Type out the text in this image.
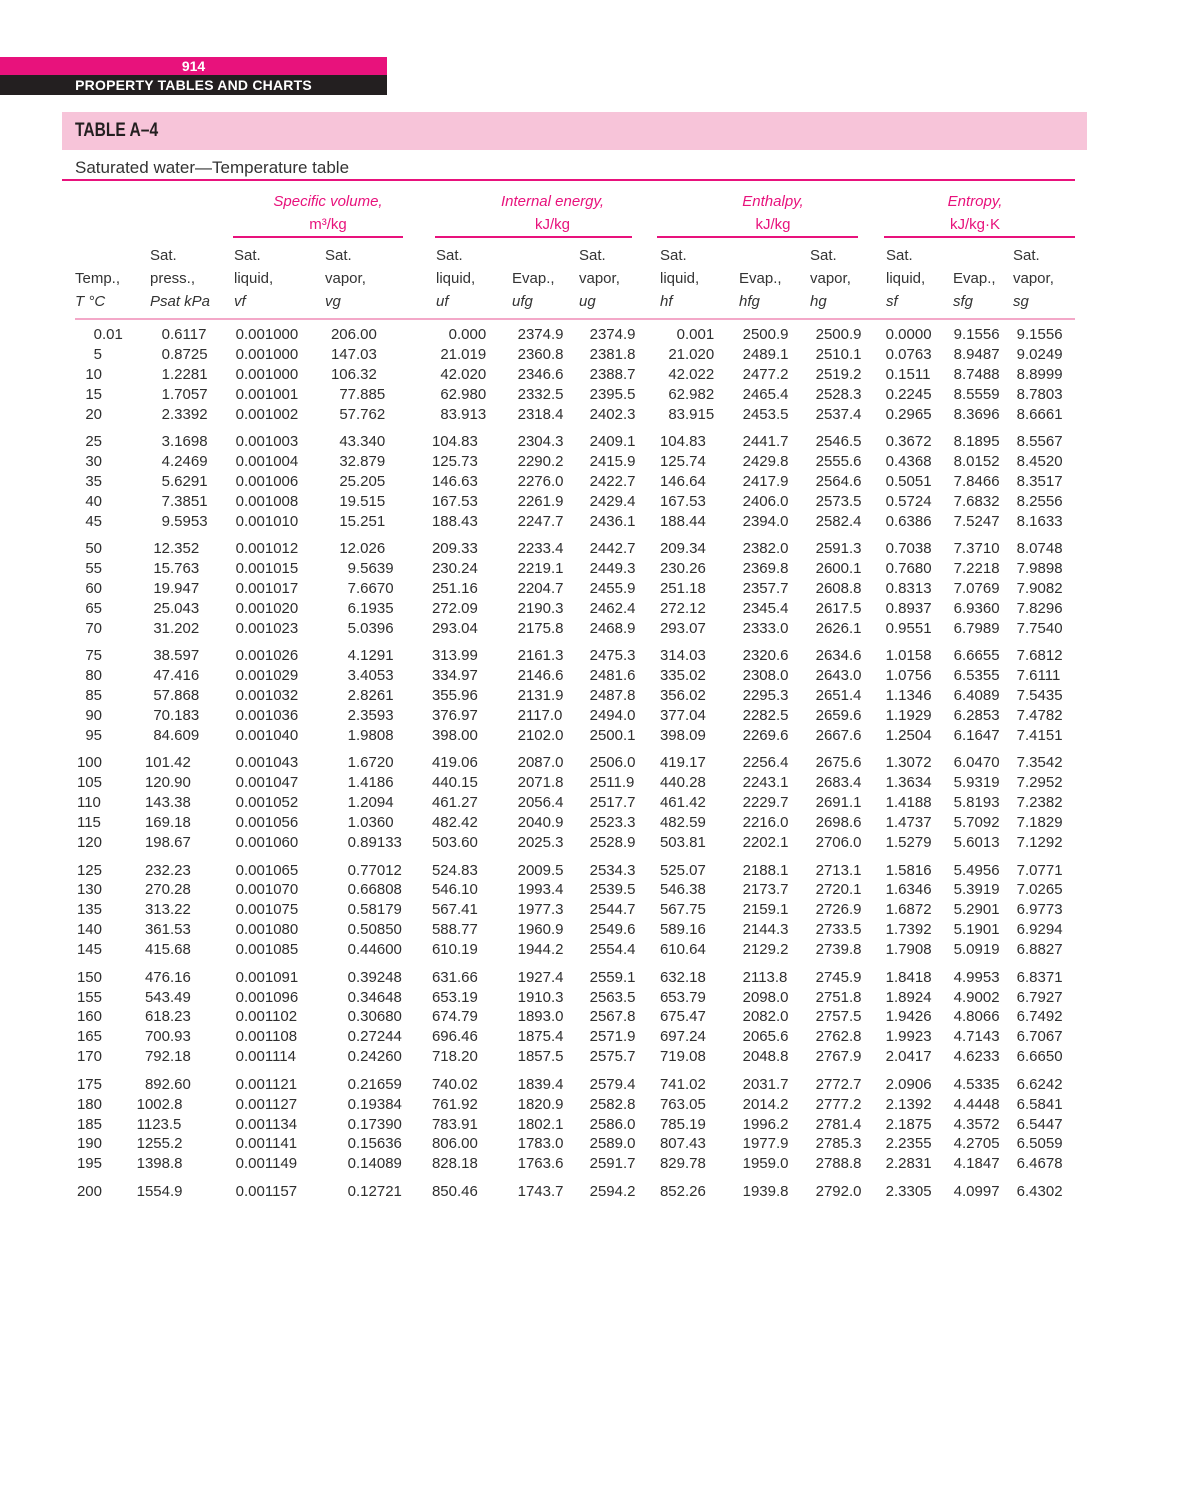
914
PROPERTY TABLES AND CHARTS
TABLE A–4
Saturated water—Temperature table
Specific volume,
m³/kg
Internal energy,
kJ/kg
Enthalpy,
kJ/kg
Entropy,
kJ/kg·K
Temp.,
T °C
Sat.
press.,
Psat kPa
Sat.
liquid,
vf
Sat.
vapor,
vg
Sat.
liquid,
uf
Evap.,
ufg
Sat.
vapor,
ug
Sat.
liquid,
hf
Evap.,
hfg
Sat.
vapor,
hg
Sat.
liquid,
sf
Evap.,
sfg
Sat.
vapor,
sg
0.01	0.6117 0.001000 206.00	0.000 2374.9 2374.9	0.001 2500.9 2500.9 0.0000 9.1556 9.1556
5	0.8725 0.001000 147.03	21.019 2360.8 2381.8 21.020 2489.1 2510.1 0.0763 8.9487 9.0249
10	1.2281 0.001000 106.32	42.020 2346.6 2388.7 42.022 2477.2 2519.2 0.1511 8.7488 8.8999
15	1.7057 0.001001	77.885	62.980 2332.5 2395.5 62.982 2465.4 2528.3 0.2245 8.5559 8.7803
20	2.3392 0.001002	57.762	83.913 2318.4 2402.3 83.915 2453.5 2537.4 0.2965 8.3696 8.6661
25	3.1698 0.001003	43.340	104.83	2304.3 2409.1 104.83 2441.7 2546.5 0.3672 8.1895 8.5567
30	4.2469 0.001004	32.879	125.73	2290.2 2415.9 125.74 2429.8 2555.6 0.4368 8.0152 8.4520
35	5.6291 0.001006	25.205	146.63	2276.0 2422.7 146.64 2417.9 2564.6 0.5051 7.8466 8.3517
40	7.3851 0.001008	19.515	167.53	2261.9 2429.4 167.53 2406.0 2573.5 0.5724 7.6832 8.2556
45	9.5953 0.001010	15.251	188.43	2247.7 2436.1 188.44 2394.0 2582.4 0.6386 7.5247 8.1633
50	12.352 0.001012	12.026	209.33	2233.4 2442.7 209.34 2382.0 2591.3 0.7038 7.3710 8.0748
55	15.763 0.001015	9.5639	230.24	2219.1 2449.3 230.26 2369.8 2600.1 0.7680 7.2218 7.9898
60	19.947 0.001017	7.6670	251.16	2204.7 2455.9 251.18 2357.7 2608.8 0.8313 7.0769 7.9082
65	25.043 0.001020	6.1935	272.09	2190.3 2462.4 272.12 2345.4 2617.5 0.8937 6.9360 7.8296
70	31.202 0.001023	5.0396	293.04	2175.8 2468.9 293.07 2333.0 2626.1 0.9551 6.7989 7.7540
75	38.597 0.001026	4.1291	313.99	2161.3 2475.3 314.03 2320.6 2634.6 1.0158 6.6655 7.6812
80	47.416 0.001029	3.4053	334.97	2146.6 2481.6 335.02 2308.0 2643.0 1.0756 6.5355 7.6111
85	57.868 0.001032	2.8261	355.96	2131.9 2487.8 356.02 2295.3 2651.4 1.1346 6.4089 7.5435
90	70.183 0.001036	2.3593	376.97	2117.0 2494.0 377.04 2282.5 2659.6 1.1929 6.2853 7.4782
95	84.609 0.001040	1.9808	398.00	2102.0 2500.1 398.09 2269.6 2667.6 1.2504 6.1647 7.4151
100	101.42	0.001043	1.6720	419.06	2087.0 2506.0 419.17 2256.4 2675.6 1.3072 6.0470 7.3542
105	120.90	0.001047	1.4186	440.15	2071.8 2511.9 440.28 2243.1 2683.4 1.3634 5.9319 7.2952
110	143.38	0.001052	1.2094	461.27	2056.4 2517.7 461.42 2229.7 2691.1 1.4188 5.8193 7.2382
115	169.18	0.001056	1.0360	482.42	2040.9 2523.3 482.59 2216.0 2698.6 1.4737 5.7092 7.1829
120	198.67	0.001060	0.89133 503.60	2025.3 2528.9 503.81 2202.1 2706.0 1.5279 5.6013 7.1292
125	232.23	0.001065	0.77012 524.83	2009.5 2534.3 525.07 2188.1 2713.1 1.5816 5.4956 7.0771
130	270.28	0.001070	0.66808 546.10	1993.4 2539.5 546.38 2173.7 2720.1 1.6346 5.3919 7.0265
135	313.22	0.001075	0.58179 567.41	1977.3 2544.7 567.75 2159.1 2726.9 1.6872 5.2901 6.9773
140	361.53	0.001080	0.50850 588.77	1960.9 2549.6 589.16 2144.3 2733.5 1.7392 5.1901 6.9294
145	415.68	0.001085	0.44600 610.19	1944.2 2554.4 610.64 2129.2 2739.8 1.7908 5.0919 6.8827
150	476.16	0.001091	0.39248 631.66	1927.4 2559.1 632.18 2113.8 2745.9 1.8418 4.9953 6.8371
155	543.49	0.001096	0.34648 653.19	1910.3 2563.5 653.79 2098.0 2751.8 1.8924 4.9002 6.7927
160	618.23	0.001102	0.30680 674.79	1893.0 2567.8 675.47 2082.0 2757.5 1.9426 4.8066 6.7492
165	700.93	0.001108	0.27244 696.46	1875.4 2571.9 697.24 2065.6 2762.8 1.9923 4.7143 6.7067
170	792.18	0.001114	0.24260 718.20	1857.5 2575.7 719.08 2048.8 2767.9 2.0417 4.6233 6.6650
175	892.60	0.001121	0.21659 740.02	1839.4 2579.4 741.02 2031.7 2772.7 2.0906 4.5335 6.6242
180 1002.8	0.001127	0.19384 761.92	1820.9 2582.8 763.05 2014.2 2777.2 2.1392 4.4448 6.5841
185 1123.5	0.001134	0.17390 783.91	1802.1 2586.0 785.19 1996.2 2781.4 2.1875 4.3572 6.5447
190 1255.2	0.001141	0.15636 806.00	1783.0 2589.0 807.43 1977.9 2785.3 2.2355 4.2705 6.5059
195 1398.8	0.001149	0.14089 828.18	1763.6 2591.7 829.78 1959.0 2788.8 2.2831 4.1847 6.4678
200 1554.9	0.001157	0.12721 850.46	1743.7 2594.2 852.26 1939.8 2792.0 2.3305 4.0997 6.4302
